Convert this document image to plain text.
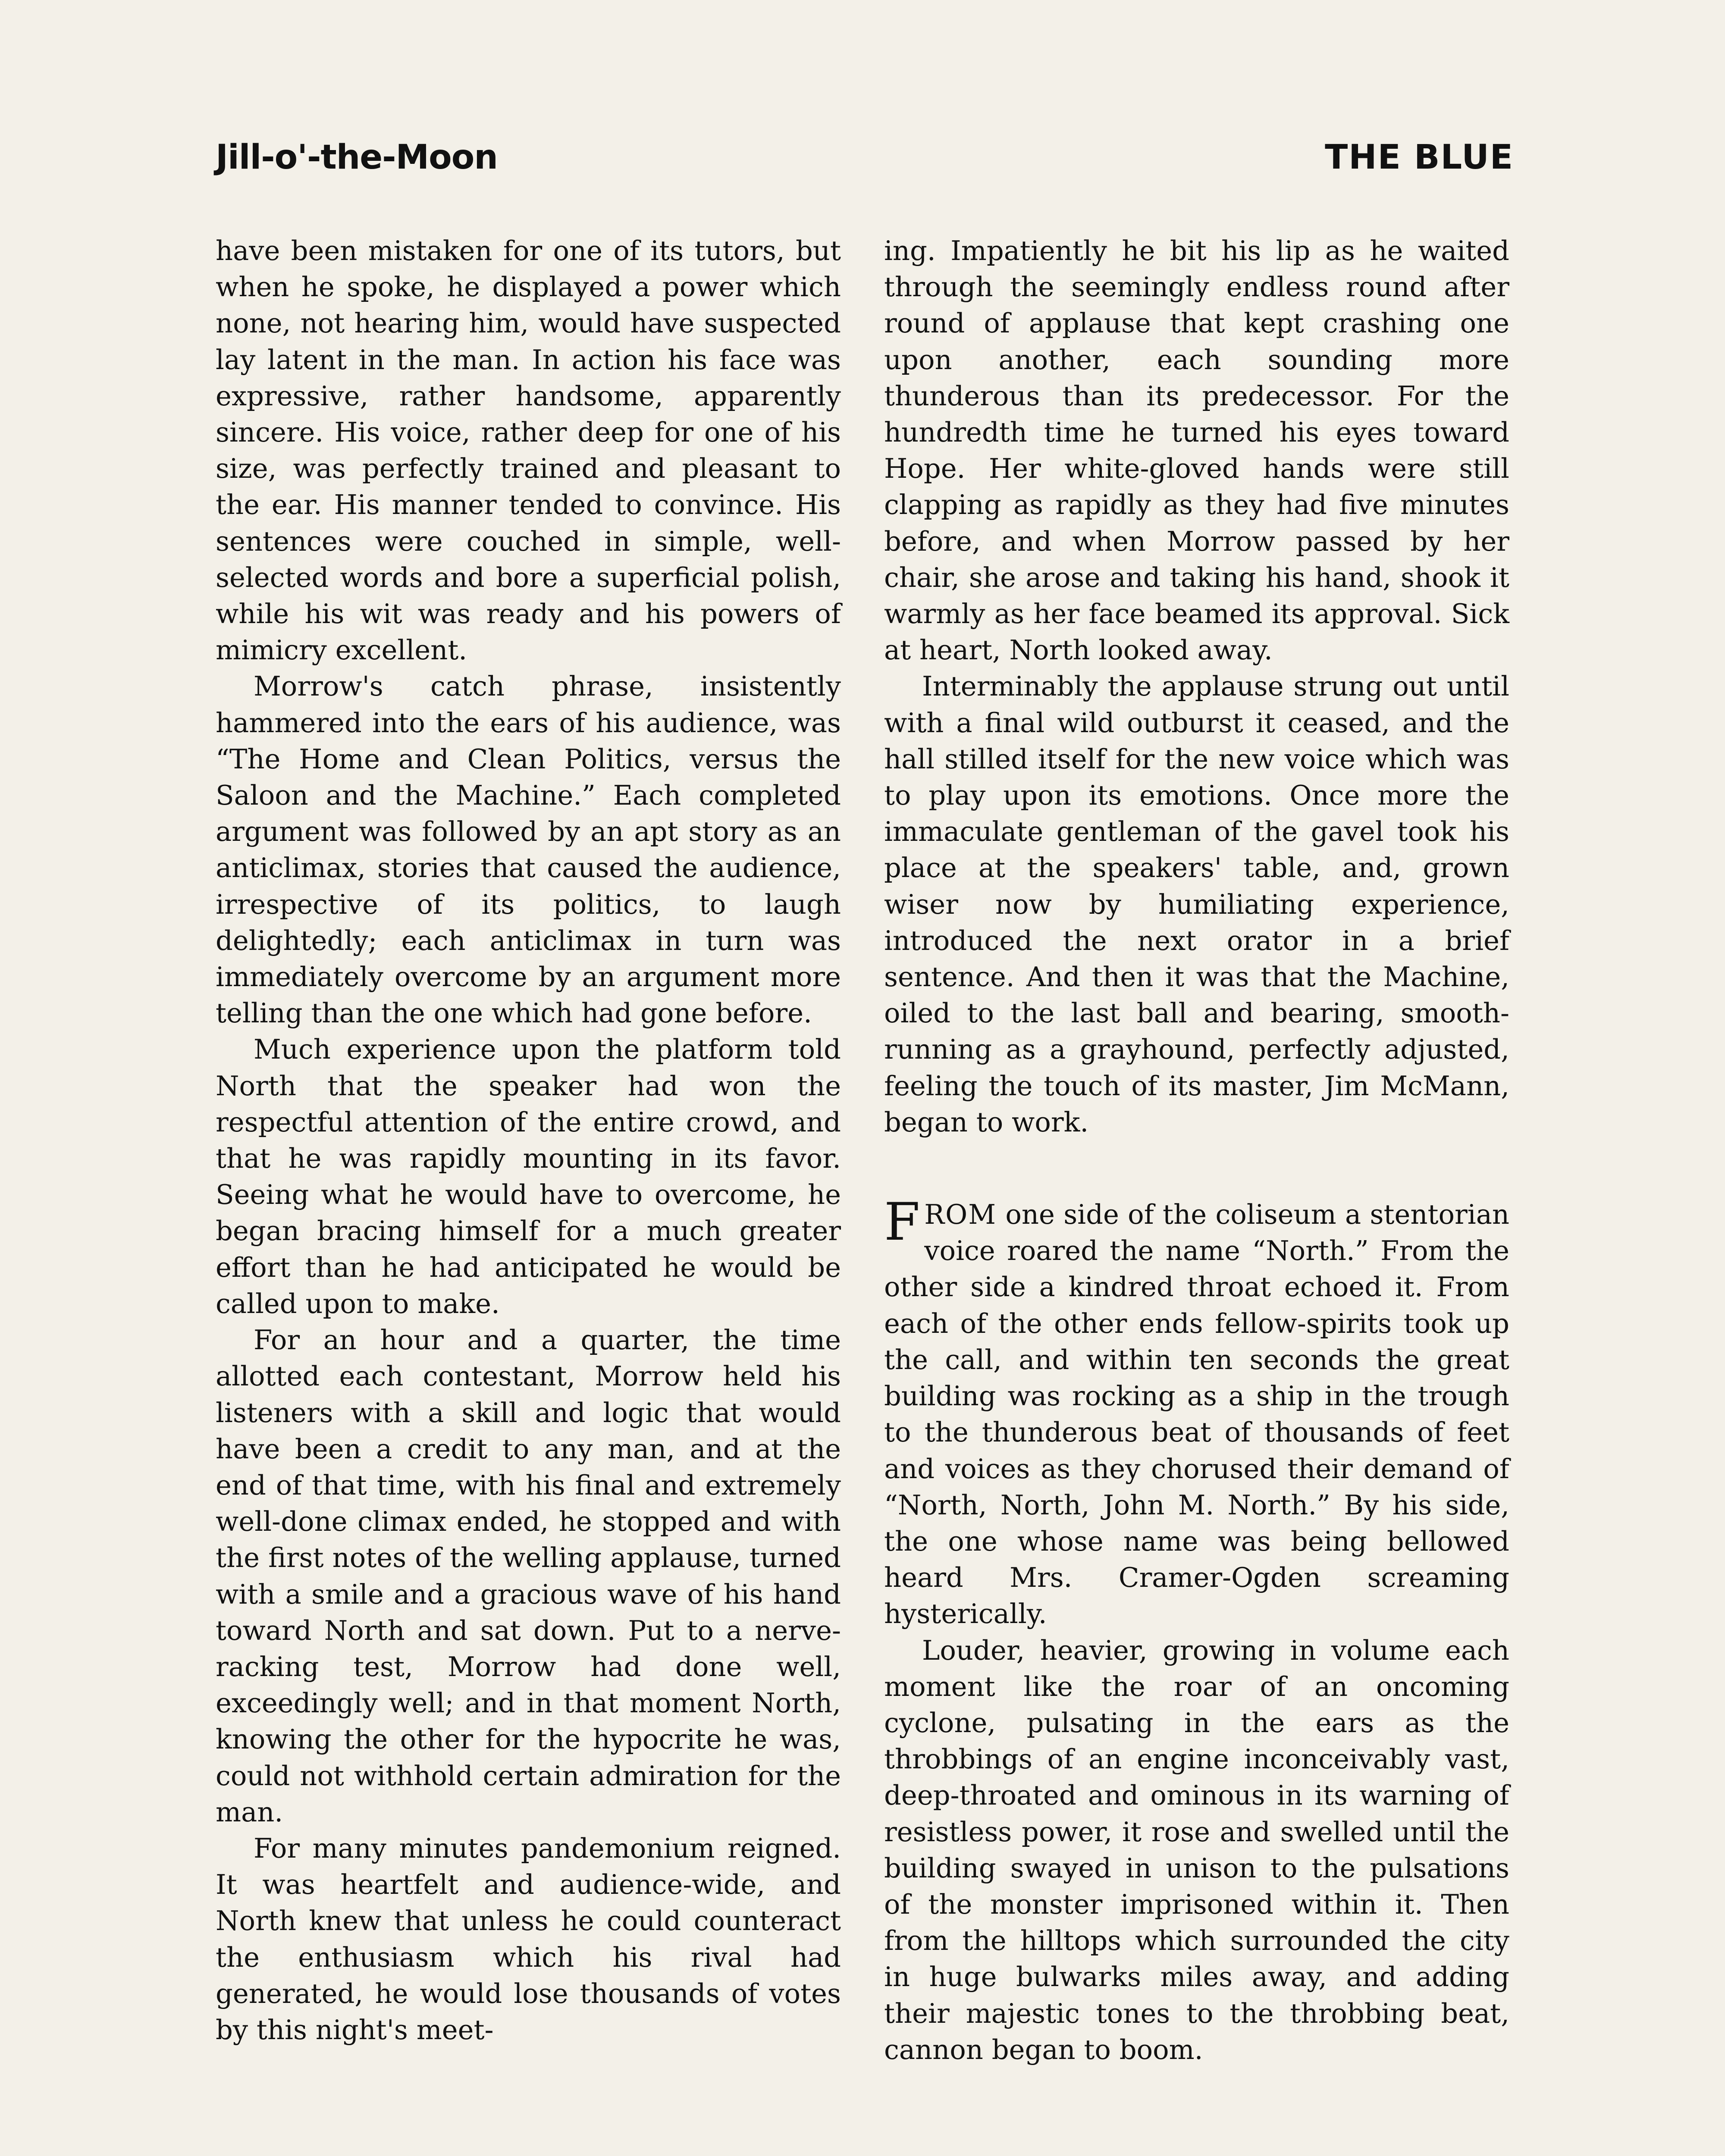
Jill-o'-the-Moon	THE BLUE

have been mistaken for one of its tutors, but when he spoke, he displayed a power which none, not hearing him, would have suspected lay latent in the man. In action his face was expressive, rather handsome, apparently sincere. His voice, rather deep for one of his size, was perfectly trained and pleasant to the ear. His manner tended to convince. His sentences were couched in simple, well-selected words and bore a superficial polish, while his wit was ready and his powers of mimicry excellent.

Morrow's catch phrase, insistently hammered into the ears of his audience, was “The Home and Clean Politics, versus the Saloon and the Machine.” Each completed argument was followed by an apt story as an anticlimax, stories that caused the audience, irrespective of its politics, to laugh delightedly; each anticlimax in turn was immediately overcome by an argument more telling than the one which had gone before.

Much experience upon the platform told North that the speaker had won the respectful attention of the entire crowd, and that he was rapidly mounting in its favor. Seeing what he would have to overcome, he began bracing himself for a much greater effort than he had anticipated he would be called upon to make.

For an hour and a quarter, the time allotted each contestant, Morrow held his listeners with a skill and logic that would have been a credit to any man, and at the end of that time, with his final and extremely well-done climax ended, he stopped and with the first notes of the welling applause, turned with a smile and a gracious wave of his hand toward North and sat down. Put to a nerve-racking test, Morrow had done well, exceedingly well; and in that moment North, knowing the other for the hypocrite he was, could not withhold certain admiration for the man.

For many minutes pandemonium reigned. It was heartfelt and audience-wide, and North knew that unless he could counteract the enthusiasm which his rival had generated, he would lose thousands of votes by this night's meet-

ing. Impatiently he bit his lip as he waited through the seemingly endless round after round of applause that kept crashing one upon another, each sounding more thunderous than its predecessor. For the hundredth time he turned his eyes toward Hope. Her white-gloved hands were still clapping as rapidly as they had five minutes before, and when Morrow passed by her chair, she arose and taking his hand, shook it warmly as her face beamed its approval. Sick at heart, North looked away.

Interminably the applause strung out until with a final wild outburst it ceased, and the hall stilled itself for the new voice which was to play upon its emotions. Once more the immaculate gentleman of the gavel took his place at the speakers' table, and, grown wiser now by humiliating experience, introduced the next orator in a brief sentence. And then it was that the Machine, oiled to the last ball and bearing, smooth-running as a grayhound, perfectly adjusted, feeling the touch of its master, Jim McMann, began to work.

FROM one side of the coliseum a stentorian voice roared the name “North.” From the other side a kindred throat echoed it. From each of the other ends fellow-spirits took up the call, and within ten seconds the great building was rocking as a ship in the trough to the thunderous beat of thousands of feet and voices as they chorused their demand of “North, North, John M. North.” By his side, the one whose name was being bellowed heard Mrs. Cramer-Ogden screaming hysterically.

Louder, heavier, growing in volume each moment like the roar of an oncoming cyclone, pulsating in the ears as the throbbings of an engine inconceivably vast, deep-throated and ominous in its warning of resistless power, it rose and swelled until the building swayed in unison to the pulsations of the monster imprisoned within it. Then from the hilltops which surrounded the city in huge bulwarks miles away, and adding their majestic tones to the throbbing beat, cannon began to boom.
